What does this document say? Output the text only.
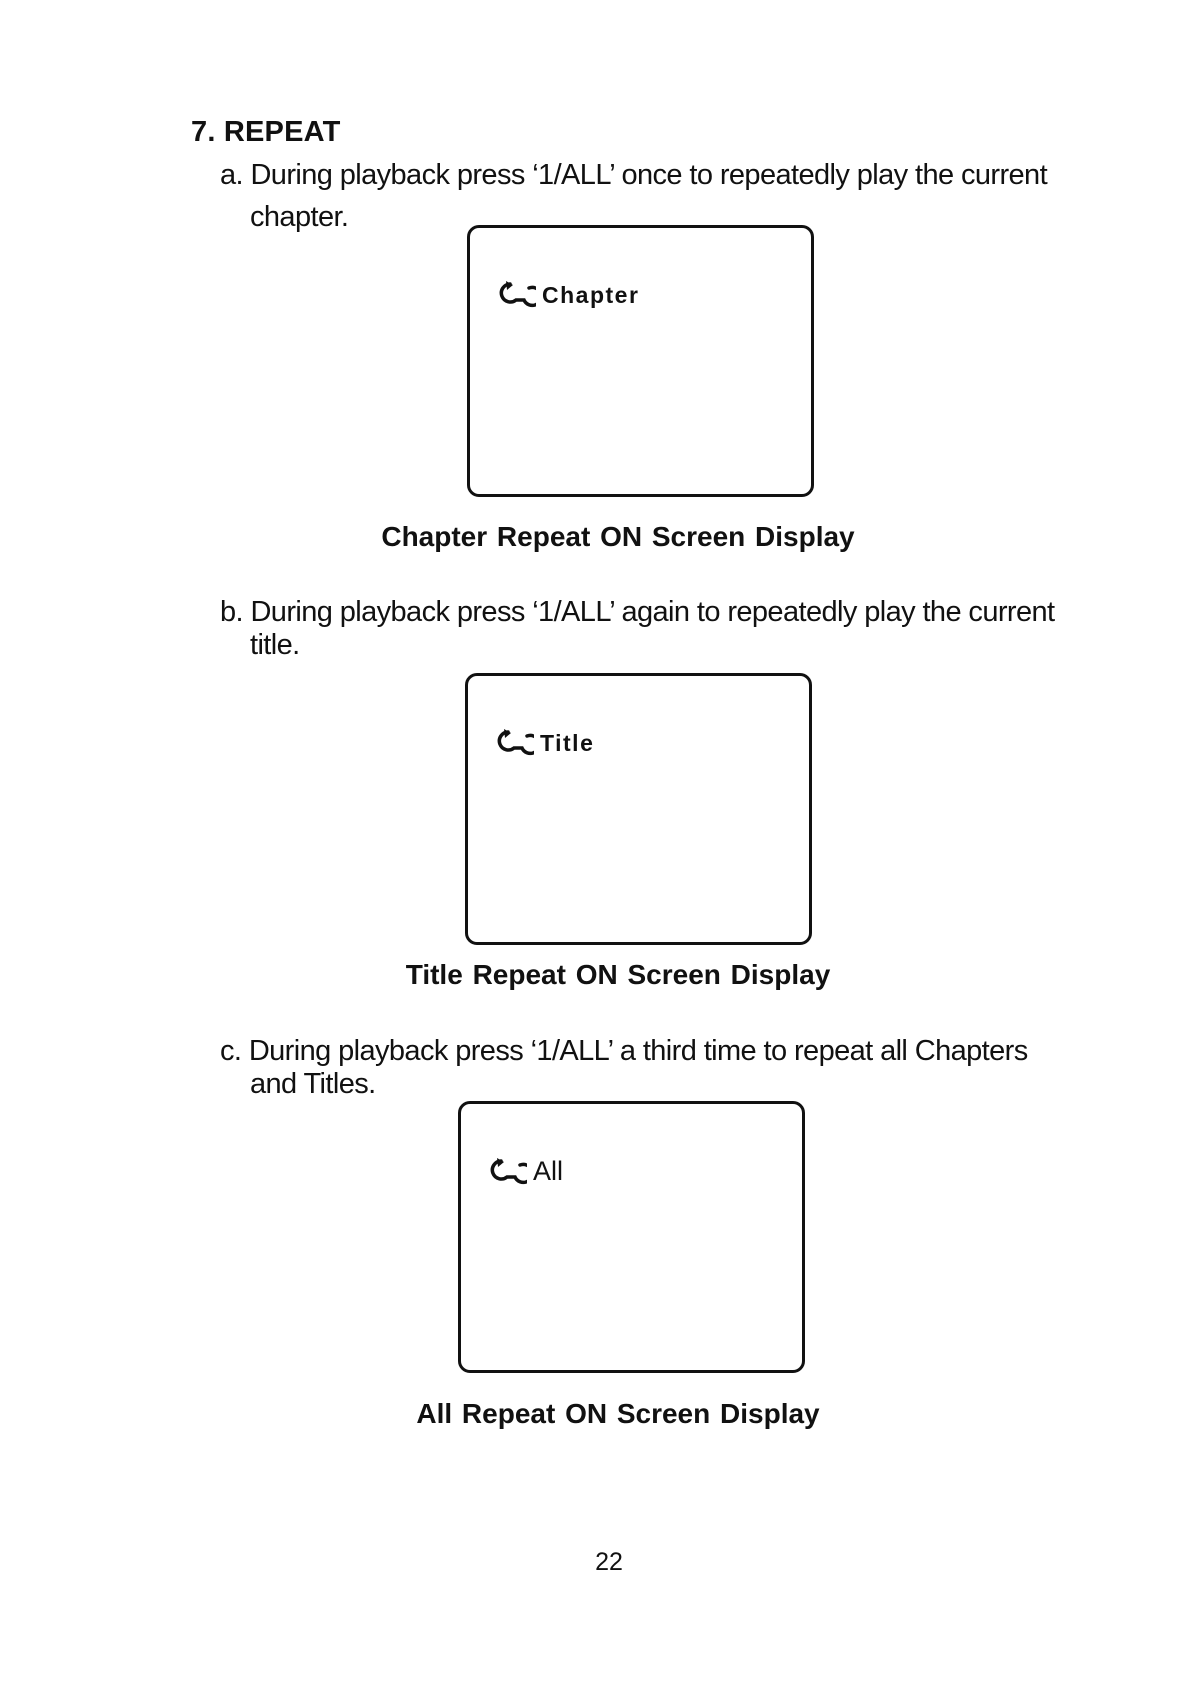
7. REPEAT
a. During playback press ‘1/ALL’ once to repeatedly play the current
chapter.
Chapter
Chapter Repeat ON Screen Display
b. During playback press ‘1/ALL’ again to repeatedly play the current
title.
Title
Title Repeat ON Screen Display
c. During playback press ‘1/ALL’ a third time to repeat all Chapters
and Titles.
All
All Repeat ON Screen Display
22
